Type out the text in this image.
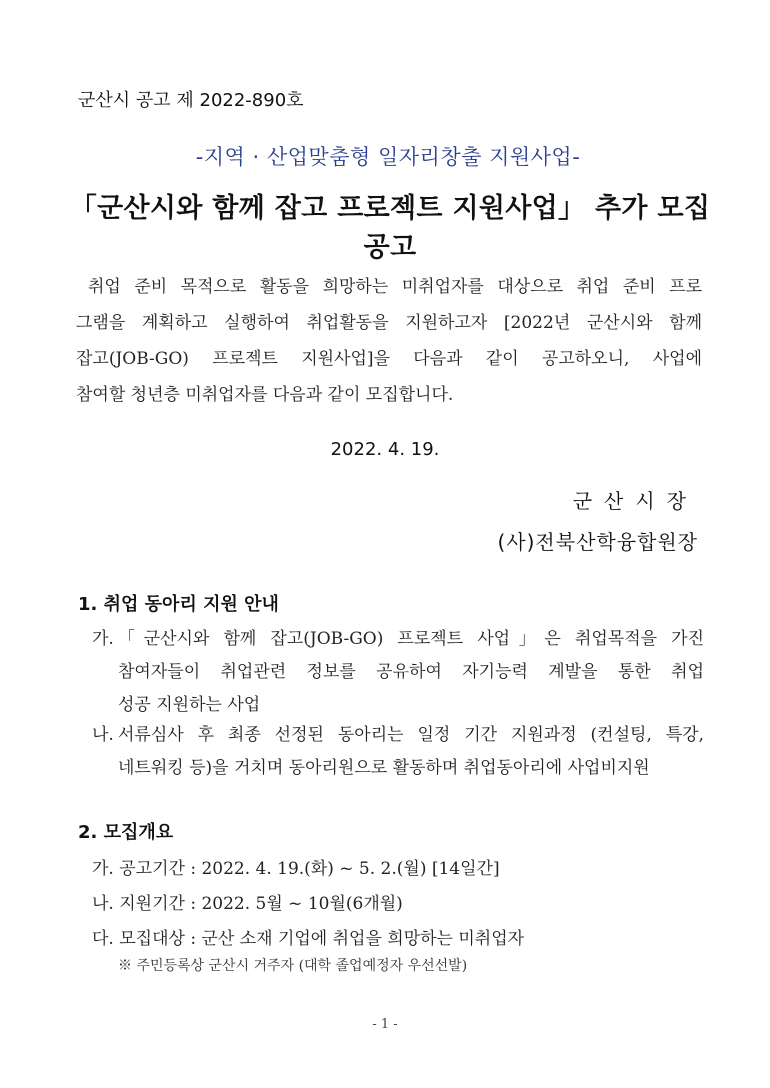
군산시 공고 제 2022-890호
-지역 · 산업맞춤형 일자리창출 지원사업-
「군산시와 함께 잡고 프로젝트 지원사업」 추가 모집 공고
취업 준비 목적으로 활동을 희망하는 미취업자를 대상으로 취업 준비 프로
그램을 계획하고 실행하여 취업활동을 지원하고자 [2022년 군산시와 함께
잡고(JOB-GO) 프로젝트 지원사업]을 다음과 같이 공고하오니, 사업에
참여할 청년층 미취업자를 다음과 같이 모집합니다.
2022. 4. 19.
군산시장
(사)전북산학융합원장
1. 취업 동아리 지원 안내
가. 「군산시와 함께 잡고(JOB-GO) 프로젝트 사업」은 취업목적을 가진
참여자들이 취업관련 정보를 공유하여 자기능력 계발을 통한 취업
성공 지원하는 사업
나. 서류심사 후 최종 선정된 동아리는 일정 기간 지원과정 (컨설팅, 특강,
네트워킹 등)을 거치며 동아리원으로 활동하며 취업동아리에 사업비지원
2. 모집개요
가. 공고기간 : 2022. 4. 19.(화) ~ 5. 2.(월) [14일간]
나. 지원기간 : 2022. 5월 ~ 10월(6개월)
다. 모집대상 : 군산 소재 기업에 취업을 희망하는 미취업자
※ 주민등록상 군산시 거주자 (대학 졸업예정자 우선선발)
- 1 -
